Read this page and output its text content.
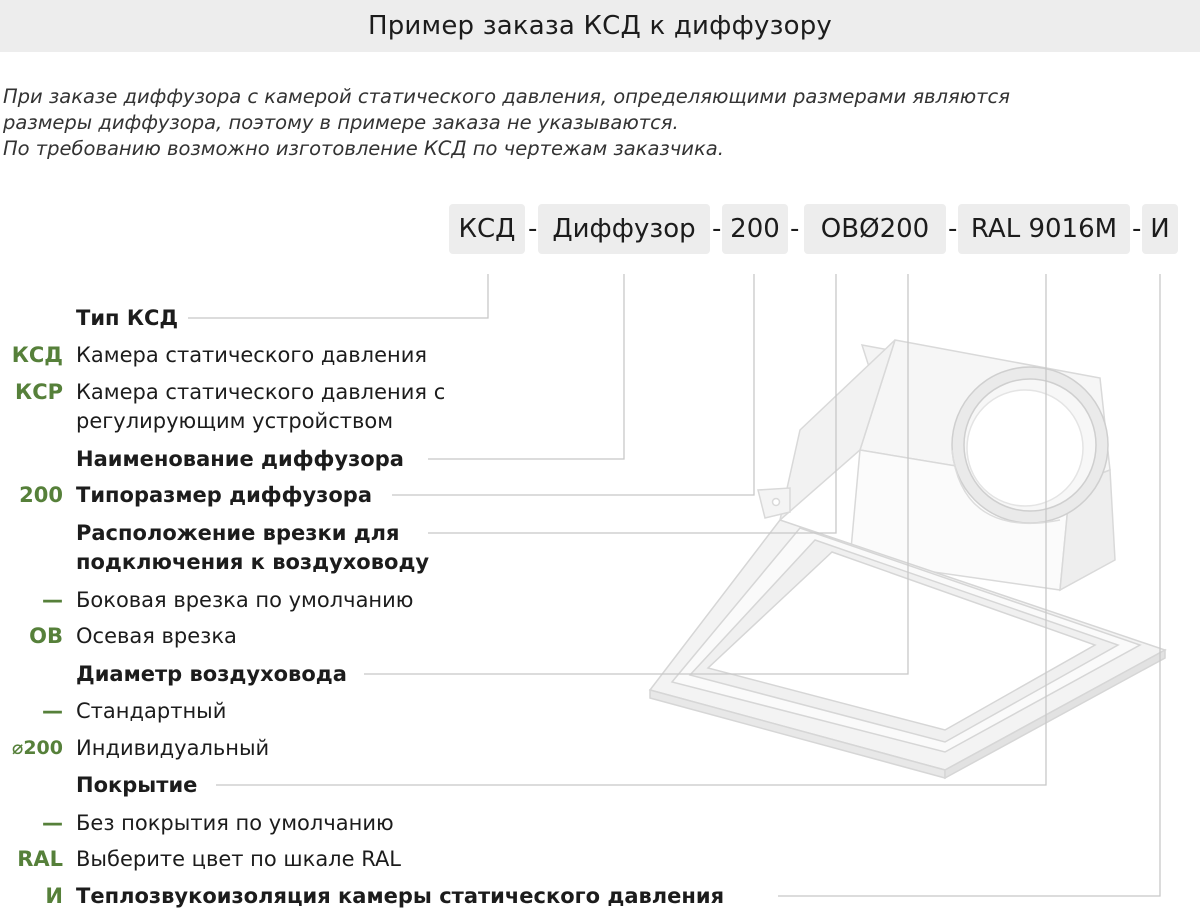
Пример заказа КСД к диффузору
При заказе диффузора с камерой статического давления, определяющими размерами являются
размеры диффузора, поэтому в примере заказа не указываются.
По требованию возможно изготовление КСД по чертежам заказчика.
КСД - Диффузор - 200 - ОВØ200 - RAL 9016M - И
Тип КСД
КСД Камера статического давления
КСР Камера статического давления с
регулирующим устройством
Наименование диффузора
200 Типоразмер диффузора
Расположение врезки для
подключения к воздуховоду
— Боковая врезка по умолчанию
ОВ Осевая врезка
Диаметр воздуховода
— Стандартный
⌀200 Индивидуальный
Покрытие
— Без покрытия по умолчанию
RAL Выберите цвет по шкале RAL
И Теплозвукоизоляция камеры статического давления
